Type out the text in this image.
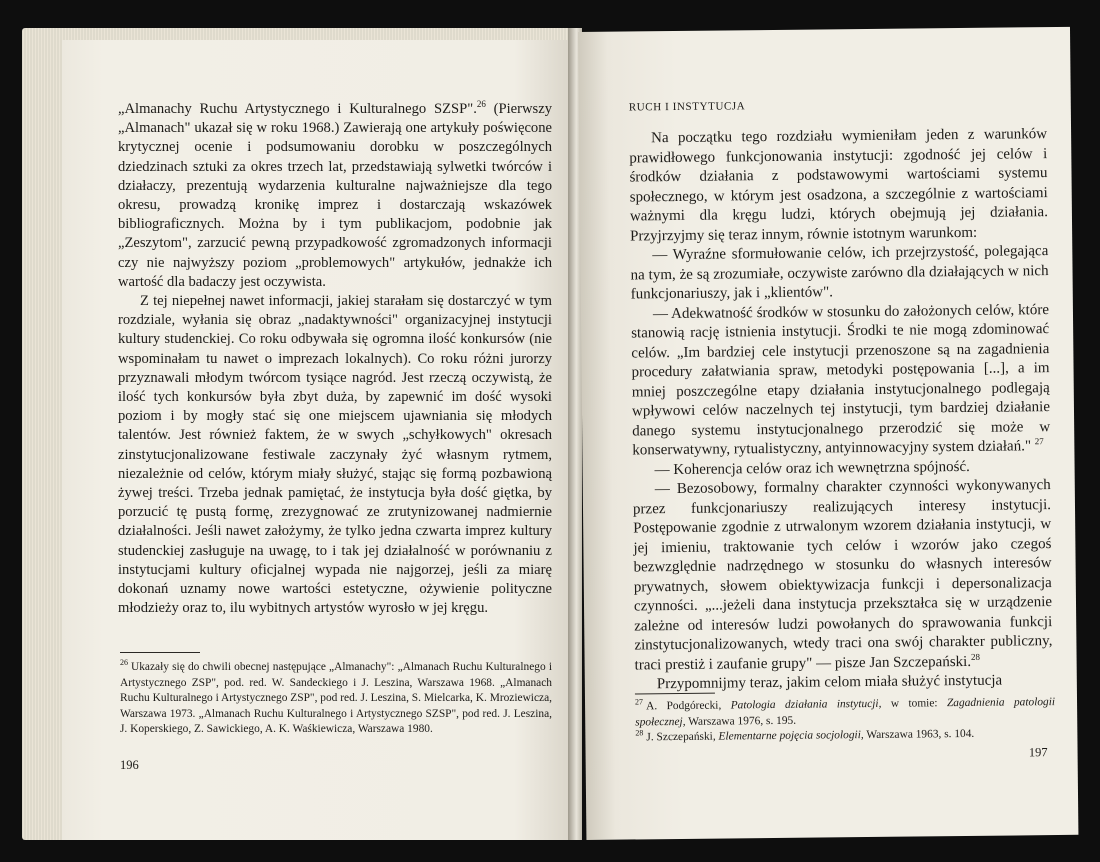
„Almanachy Ruchu Artystycznego i Kulturalnego SZSP".$^{26}$ (Pierwszy „Almanach" ukazał się w roku 1968.) Zawierają one artykuły poświęcone krytycznej ocenie i podsumowaniu dorobku w poszczególnych dziedzinach sztuki za okres trzech lat, przedstawiają sylwetki twórców i działaczy, prezentują wydarzenia kulturalne najważniejsze dla tego okresu, prowadzą kronikę imprez i dostarczają wskazówek bibliograficznych. Można by i tym publikacjom, podobnie jak „Zeszytom", zarzucić pewną przypadkowość zgromadzonych informacji czy nie najwyższy poziom „problemowych" artykułów, jednakże ich wartość dla badaczy jest oczywista.

Z tej niepełnej nawet informacji, jakiej starałam się dostarczyć w tym rozdziale, wyłania się obraz „nadaktywności" organizacyjnej instytucji kultury studenckiej. Co roku odbywała się ogromna ilość konkursów (nie wspominałam tu nawet o imprezach lokalnych). Co roku różni jurorzy przyznawali młodym twórcom tysiące nagród. Jest rzeczą oczywistą, że ilość tych konkursów była zbyt duża, by zapewnić im dość wysoki poziom i by mogły stać się one miejscem ujawniania się młodych talentów. Jest również faktem, że w swych „schyłkowych" okresach zinstytucjonalizowane festiwale zaczynały żyć własnym rytmem, niezależnie od celów, którym miały służyć, stając się formą pozbawioną żywej treści. Trzeba jednak pamiętać, że instytucja była dość giętka, by porzucić tę pustą formę, zrezygnować ze zrutynizowanej nadmiernie działalności. Jeśli nawet założymy, że tylko jedna czwarta imprez kultury studenckiej zasługuje na uwagę, to i tak jej działalność w porównaniu z instytucjami kultury oficjalnej wypada nie najgorzej, jeśli za miarę dokonań uznamy nowe wartości estetyczne, ożywienie polityczne młodzieży oraz to, ilu wybitnych artystów wyrosło w jej kręgu.

$^{26}$ Ukazały się do chwili obecnej następujące „Almanachy": „Almanach Ruchu Kulturalnego i Artystycznego ZSP", pod. red. W. Sandeckiego i J. Leszina, Warszawa 1968. „Almanach Ruchu Kulturalnego i Artystycznego ZSP", pod red. J. Leszina, S. Mielcarka, K. Mroziewicza, Warszawa 1973. „Almanach Ruchu Kulturalnego i Artystycznego SZSP", pod red. J. Leszina, J. Koperskiego, Z. Sawickiego, A. K. Waśkiewicza, Warszawa 1980.

196
RUCH I INSTYTUCJA

Na początku tego rozdziału wymieniłam jeden z warunków prawidłowego funkcjonowania instytucji: zgodność jej celów i środków działania z podstawowymi wartościami systemu społecznego, w którym jest osadzona, a szczególnie z wartościami ważnymi dla kręgu ludzi, których obejmują jej działania. Przyjrzyjmy się teraz innym, równie istotnym warunkom:

— Wyraźne sformułowanie celów, ich przejrzystość, polegająca na tym, że są zrozumiałe, oczywiste zarówno dla działających w nich funkcjonariuszy, jak i „klientów".

— Adekwatność środków w stosunku do założonych celów, które stanowią rację istnienia instytucji. Środki te nie mogą zdominować celów. „Im bardziej cele instytucji przenoszone są na zagadnienia procedury załatwiania spraw, metodyki postępowania [...], a im mniej poszczególne etapy działania instytucjonalnego podlegają wpływowi celów naczelnych tej instytucji, tym bardziej działanie danego systemu instytucjonalnego przerodzić się może w konserwatywny, rytualistyczny, antyinnowacyjny system działań." $^{27}$

— Koherencja celów oraz ich wewnętrzna spójność.

— Bezosobowy, formalny charakter czynności wykonywanych przez funkcjonariuszy realizujących interesy instytucji. Postępowanie zgodnie z utrwalonym wzorem działania instytucji, w jej imieniu, traktowanie tych celów i wzorów jako czegoś bezwzględnie nadrzędnego w stosunku do własnych interesów prywatnych, słowem obiektywizacja funkcji i depersonalizacja czynności. „...jeżeli dana instytucja przekształca się w urządzenie zależne od interesów ludzi powołanych do sprawowania funkcji zinstytucjonalizowanych, wtedy traci ona swój charakter publiczny, traci prestiż i zaufanie grupy" — pisze Jan Szczepański.$^{28}$

Przypomnijmy teraz, jakim celom miała służyć instytucja

$^{27}$ A. Podgórecki, Patologia działania instytucji, w tomie: Zagadnienia patologii społecznej, Warszawa 1976, s. 195.

$^{28}$ J. Szczepański, Elementarne pojęcia socjologii, Warszawa 1963, s. 104.

197
